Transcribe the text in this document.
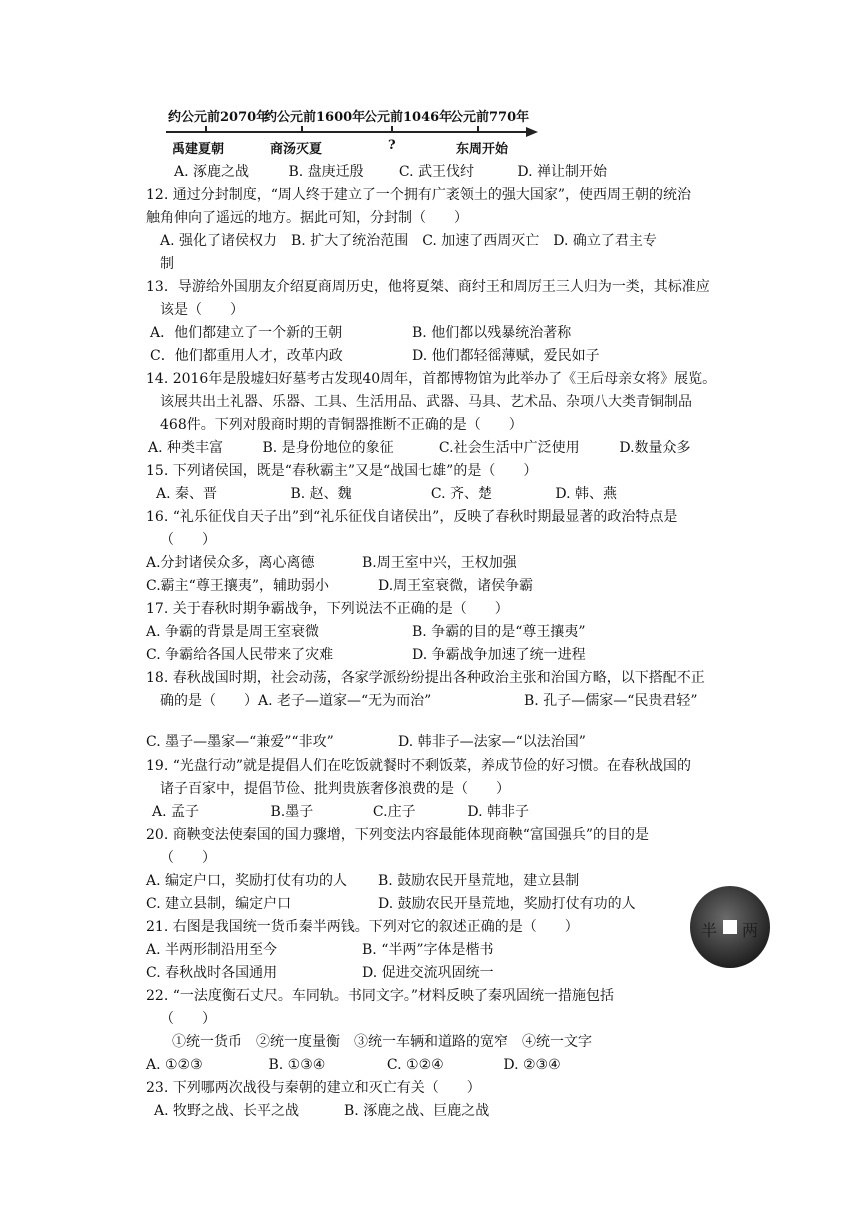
约公元前2070年
约公元前1600年
公元前1046年
公元前770年
禹建夏朝	商汤灭夏	?	东周开始
A. 涿鹿之战	B. 盘庚迁殷	C. 武王伐纣	D. 禅让制开始
12. 通过分封制度，“周人终于建立了一个拥有广袤领土的强大国家”，使西周王朝的统治
触角伸向了遥远的地方。据此可知，分封制（　　）
A. 强化了诸侯权力　B. 扩大了统治范围　C. 加速了西周灭亡　D. 确立了君主专
制
13．导游给外国朋友介绍夏商周历史，他将夏桀、商纣王和周厉王三人归为一类，其标准应
该是（　　）
A．他们都建立了一个新的王朝	B. 他们都以残暴统治著称
C．他们都重用人才，改革内政	D. 他们都轻徭薄赋，爱民如子
14. 2016年是殷墟妇好墓考古发现40周年，首都博物馆为此举办了《王后母亲女将》展览。
该展共出土礼器、乐器、工具、生活用品、武器、马具、艺术品、杂项八大类青铜制品
468件。下列对殷商时期的青铜器推断不正确的是（　　）
A. 种类丰富	B. 是身份地位的象征	C.社会生活中广泛使用	D.数量众多
15. 下列诸侯国，既是“春秋霸主”又是“战国七雄”的是（　　）
A. 秦、晋	B. 赵、魏	C. 齐、楚	D. 韩、燕
16. “礼乐征伐自天子出”到“礼乐征伐自诸侯出”，反映了春秋时期最显著的政治特点是
（　　）
A.分封诸侯众多，离心离德	B.周王室中兴，王权加强
C.霸主“尊王攘夷”，辅助弱小	D.周王室衰微，诸侯争霸
17. 关于春秋时期争霸战争，下列说法不正确的是（　　）
A. 争霸的背景是周王室衰微	B. 争霸的目的是“尊王攘夷”
C. 争霸给各国人民带来了灾难	D. 争霸战争加速了统一进程
18. 春秋战国时期，社会动荡，各家学派纷纷提出各种政治主张和治国方略，以下搭配不正
确的是（　　）A. 老子—道家—“无为而治”	B. 孔子—儒家—“民贵君轻”
C. 墨子—墨家—“兼爱”“非攻”	D. 韩非子—法家—“以法治国”
19. “光盘行动”就是提倡人们在吃饭就餐时不剩饭菜，养成节俭的好习惯。在春秋战国的
诸子百家中，提倡节俭、批判贵族奢侈浪费的是（　　）
A. 孟子	B.墨子	C.庄子	D. 韩非子
20. 商鞅变法使秦国的国力骤增，下列变法内容最能体现商鞅“富国强兵”的目的是
（　　）
A. 编定户口，奖励打仗有功的人 B. 鼓励农民开垦荒地，建立县制
C. 建立县制，编定户口	D. 鼓励农民开垦荒地，奖励打仗有功的人
21. 右图是我国统一货币秦半两钱。下列对它的叙述正确的是（　　）
A. 半两形制沿用至今	B. “半两”字体是楷书
C. 春秋战时各国通用	D. 促进交流巩固统一
半 两
22. “一法度衡石丈尺。车同轨。书同文字。”材料反映了秦巩固统一措施包括
（　　）
①统一货币　②统一度量衡　③统一车辆和道路的宽窄　④统一文字
A. ①②③	B. ①③④	C. ①②④	D. ②③④
23. 下列哪两次战役与秦朝的建立和灭亡有关（　　）
A. 牧野之战、长平之战	B. 涿鹿之战、巨鹿之战
